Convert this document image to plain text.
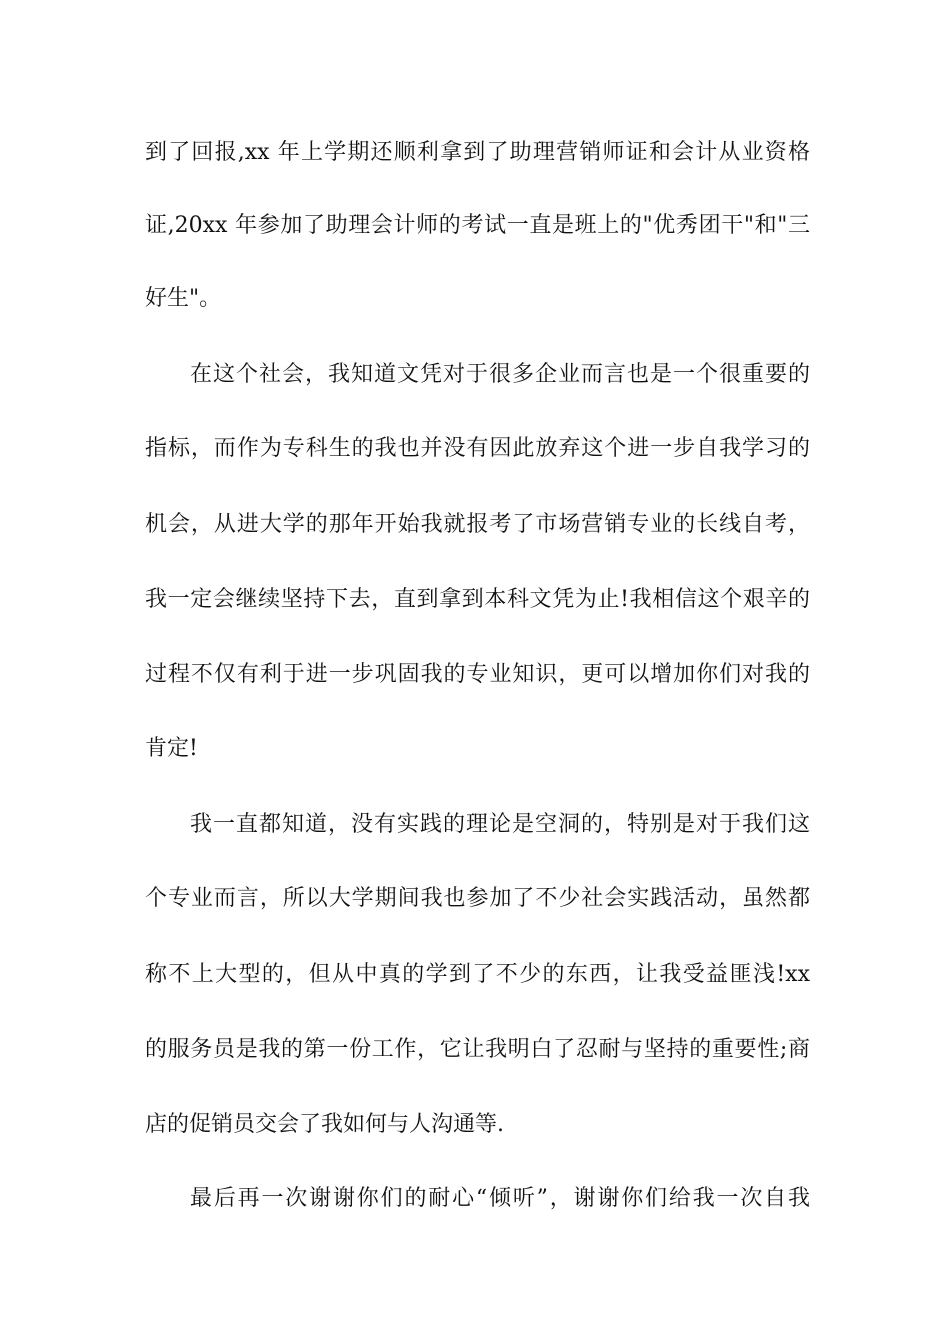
到了回报,xx 年上学期还顺利拿到了助理营销师证和会计从业资格
证,20xx 年参加了助理会计师的考试一直是班上的"优秀团干"和"三
好生"。
在这个社会，我知道文凭对于很多企业而言也是一个很重要的
指标，而作为专科生的我也并没有因此放弃这个进一步自我学习的
机会，从进大学的那年开始我就报考了市场营销专业的长线自考，
我一定会继续坚持下去，直到拿到本科文凭为止!我相信这个艰辛的
过程不仅有利于进一步巩固我的专业知识，更可以增加你们对我的
肯定!
我一直都知道，没有实践的理论是空洞的，特别是对于我们这
个专业而言，所以大学期间我也参加了不少社会实践活动，虽然都
称不上大型的，但从中真的学到了不少的东西，让我受益匪浅!xx
的服务员是我的第一份工作，它让我明白了忍耐与坚持的重要性;商
店的促销员交会了我如何与人沟通等.
最后再一次谢谢你们的耐心“倾听”，谢谢你们给我一次自我
